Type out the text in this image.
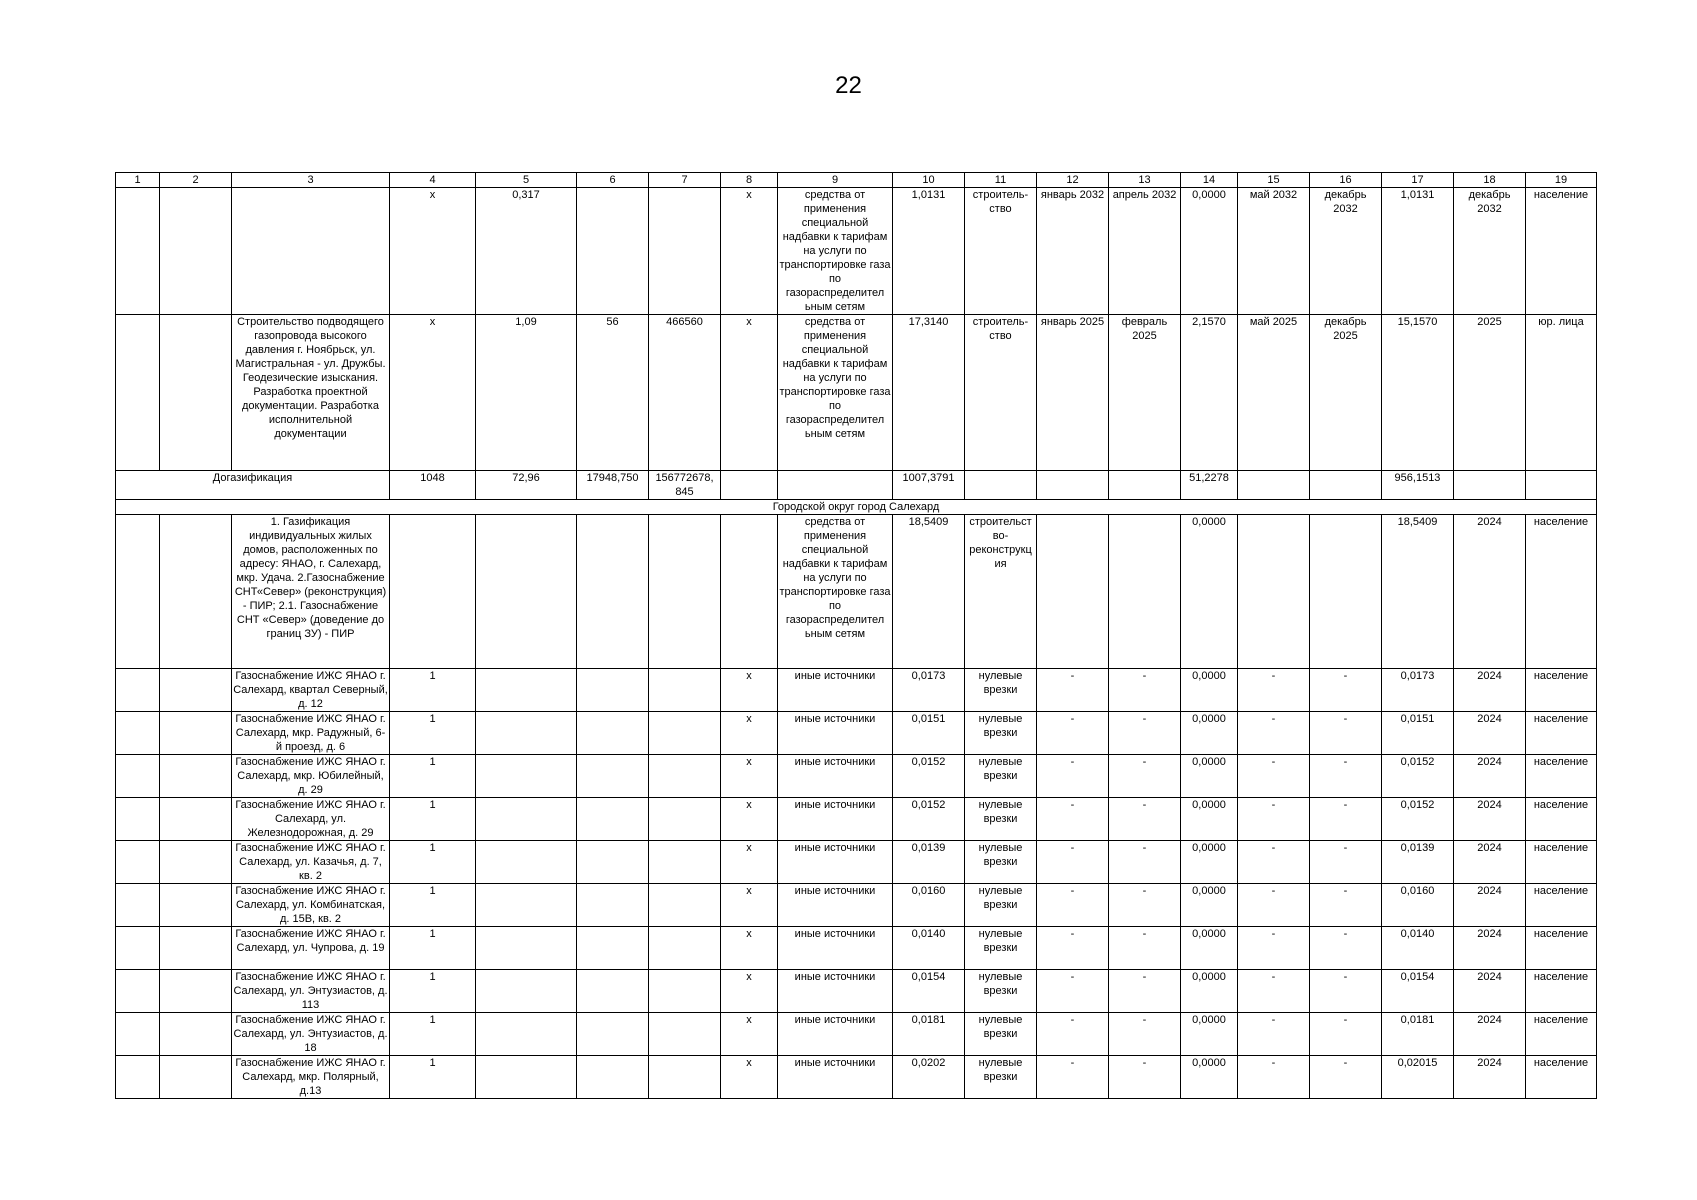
22
1	2	3	4	5	6	7	8	9	10	11	12	13	14	15	16	17	18	19
			х	0,317			х	средства от применения специальной надбавки к тарифам на услуги по транспортировке газа по газораспределител ьным сетям	1,0131	строитель-ство	январь 2032	апрель 2032	0,0000	май 2032	декабрь 2032	1,0131	декабрь 2032	население
		Строительство подводящего газопровода высокого давления г. Ноябрьск, ул. Магистральная - ул. Дружбы. Геодезические изыскания. Разработка проектной документации. Разработка исполнительной документации	х	1,09	56	466560	х	средства от применения специальной надбавки к тарифам на услуги по транспортировке газа по газораспределител ьным сетям	17,3140	строитель-ство	январь 2025	февраль 2025	2,1570	май 2025	декабрь 2025	15,1570	2025	юр. лица
Догазификация			1048	72,96	17948,750	156772678, 845			1007,3791				51,2278			956,1513		
Городской округ город Салехард																		
		1. Газификация индивидуальных жилых домов, расположенных по адресу: ЯНАО, г. Салехард, мкр. Удача. 2.Газоснабжение СНТ«Север» (реконструкция) - ПИР; 2.1. Газоснабжение СНТ «Север» (доведение до границ ЗУ) - ПИР						средства от применения специальной надбавки к тарифам на услуги по транспортировке газа по газораспределител ьным сетям	18,5409	строительст во-реконструкц ия			0,0000			18,5409	2024	население
		Газоснабжение ИЖС ЯНАО г. Салехард, квартал Северный, д. 12	1				х	иные источники	0,0173	нулевые врезки	-	-	0,0000	-	-	0,0173	2024	население
		Газоснабжение ИЖС ЯНАО г. Салехард, мкр. Радужный, 6-й проезд, д. 6	1				х	иные источники	0,0151	нулевые врезки	-	-	0,0000	-	-	0,0151	2024	население
		Газоснабжение ИЖС ЯНАО г. Салехард, мкр. Юбилейный, д. 29	1				х	иные источники	0,0152	нулевые врезки	-	-	0,0000	-	-	0,0152	2024	население
		Газоснабжение ИЖС ЯНАО г. Салехард, ул. Железнодорожная, д. 29	1				х	иные источники	0,0152	нулевые врезки	-	-	0,0000	-	-	0,0152	2024	население
		Газоснабжение ИЖС ЯНАО г. Салехард, ул. Казачья, д. 7, кв. 2	1				х	иные источники	0,0139	нулевые врезки	-	-	0,0000	-	-	0,0139	2024	население
		Газоснабжение ИЖС ЯНАО г. Салехард, ул. Комбинатская, д. 15В, кв. 2	1				х	иные источники	0,0160	нулевые врезки	-	-	0,0000	-	-	0,0160	2024	население
		Газоснабжение ИЖС ЯНАО г. Салехард, ул. Чупрова, д. 19	1				х	иные источники	0,0140	нулевые врезки	-	-	0,0000	-	-	0,0140	2024	население
		Газоснабжение ИЖС ЯНАО г. Салехард, ул. Энтузиастов, д. 113	1				х	иные источники	0,0154	нулевые врезки	-	-	0,0000	-	-	0,0154	2024	население
		Газоснабжение ИЖС ЯНАО г. Салехард, ул. Энтузиастов, д. 18	1				х	иные источники	0,0181	нулевые врезки	-	-	0,0000	-	-	0,0181	2024	население
		Газоснабжение ИЖС ЯНАО г. Салехард, мкр. Полярный, д.13	1				х	иные источники	0,0202	нулевые врезки	-	-	0,0000	-	-	0,02015	2024	население
